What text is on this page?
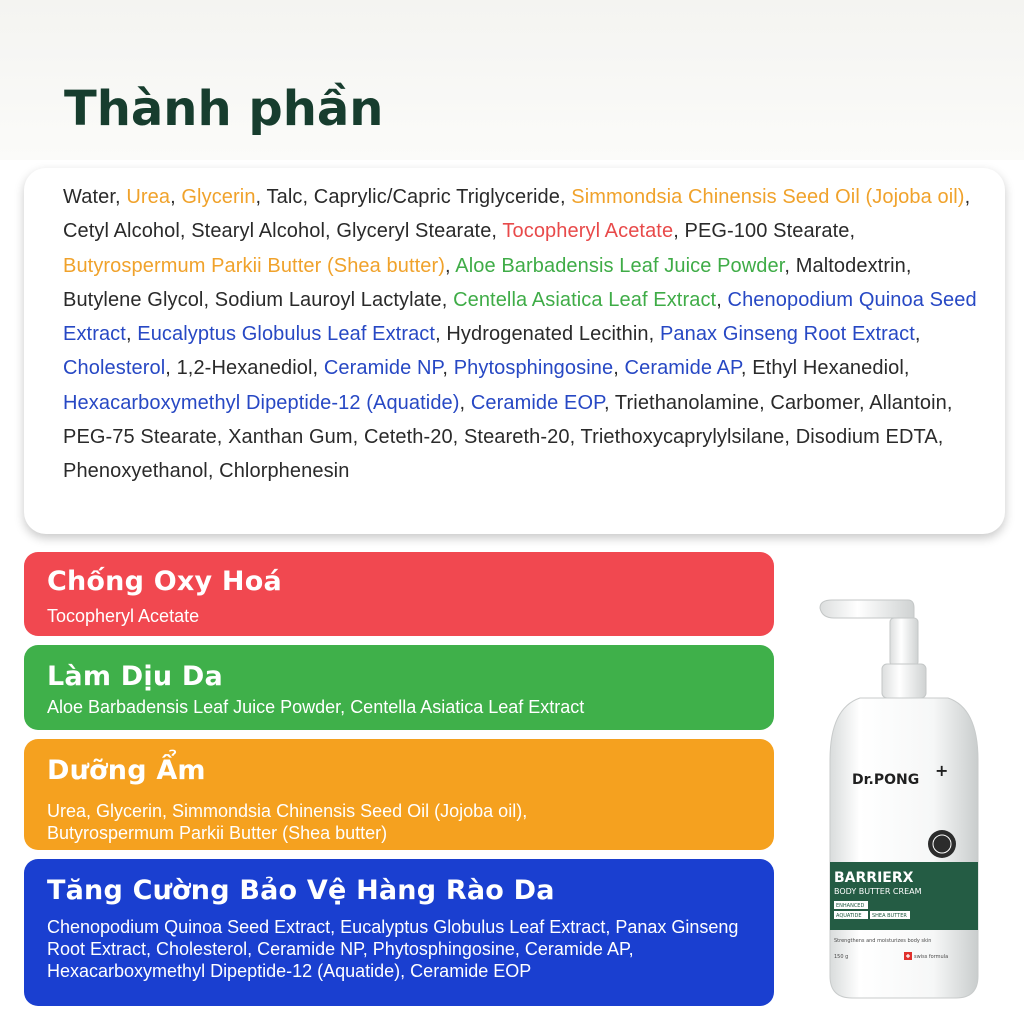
Thành phần

Water, Urea, Glycerin, Talc, Caprylic/Capric Triglyceride, Simmondsia Chinensis Seed Oil (Jojoba oil), Cetyl Alcohol, Stearyl Alcohol, Glyceryl Stearate, Tocopheryl Acetate, PEG-100 Stearate, Butyrospermum Parkii Butter (Shea butter), Aloe Barbadensis Leaf Juice Powder, Maltodextrin, Butylene Glycol, Sodium Lauroyl Lactylate, Centella Asiatica Leaf Extract, Chenopodium Quinoa Seed Extract, Eucalyptus Globulus Leaf Extract, Hydrogenated Lecithin, Panax Ginseng Root Extract, Cholesterol, 1,2-Hexanediol, Ceramide NP, Phytosphingosine, Ceramide AP, Ethyl Hexanediol, Hexacarboxymethyl Dipeptide-12 (Aquatide), Ceramide EOP, Triethanolamine, Carbomer, Allantoin, PEG-75 Stearate, Xanthan Gum, Ceteth-20, Steareth-20, Triethoxycaprylylsilane, Disodium EDTA, Phenoxyethanol, Chlorphenesin

Chống Oxy Hoá

Tocopheryl Acetate

Làm Dịu Da

Aloe Barbadensis Leaf Juice Powder, Centella Asiatica Leaf Extract

Dưỡng Ẩm

Urea, Glycerin, Simmondsia Chinensis Seed Oil (Jojoba oil), Butyrospermum Parkii Butter (Shea butter)

Tăng Cường Bảo Vệ Hàng Rào Da

Chenopodium Quinoa Seed Extract, Eucalyptus Globulus Leaf Extract, Panax Ginseng Root Extract, Cholesterol, Ceramide NP, Phytosphingosine, Ceramide AP, Hexacarboxymethyl Dipeptide-12 (Aquatide), Ceramide EOP

Dr.PONG +
BARRIERX
BODY BUTTER CREAM
ENHANCED
AQUATIDE SHEA BUTTER
Strengthens and moisturizes body skin
150 g	swiss formula
